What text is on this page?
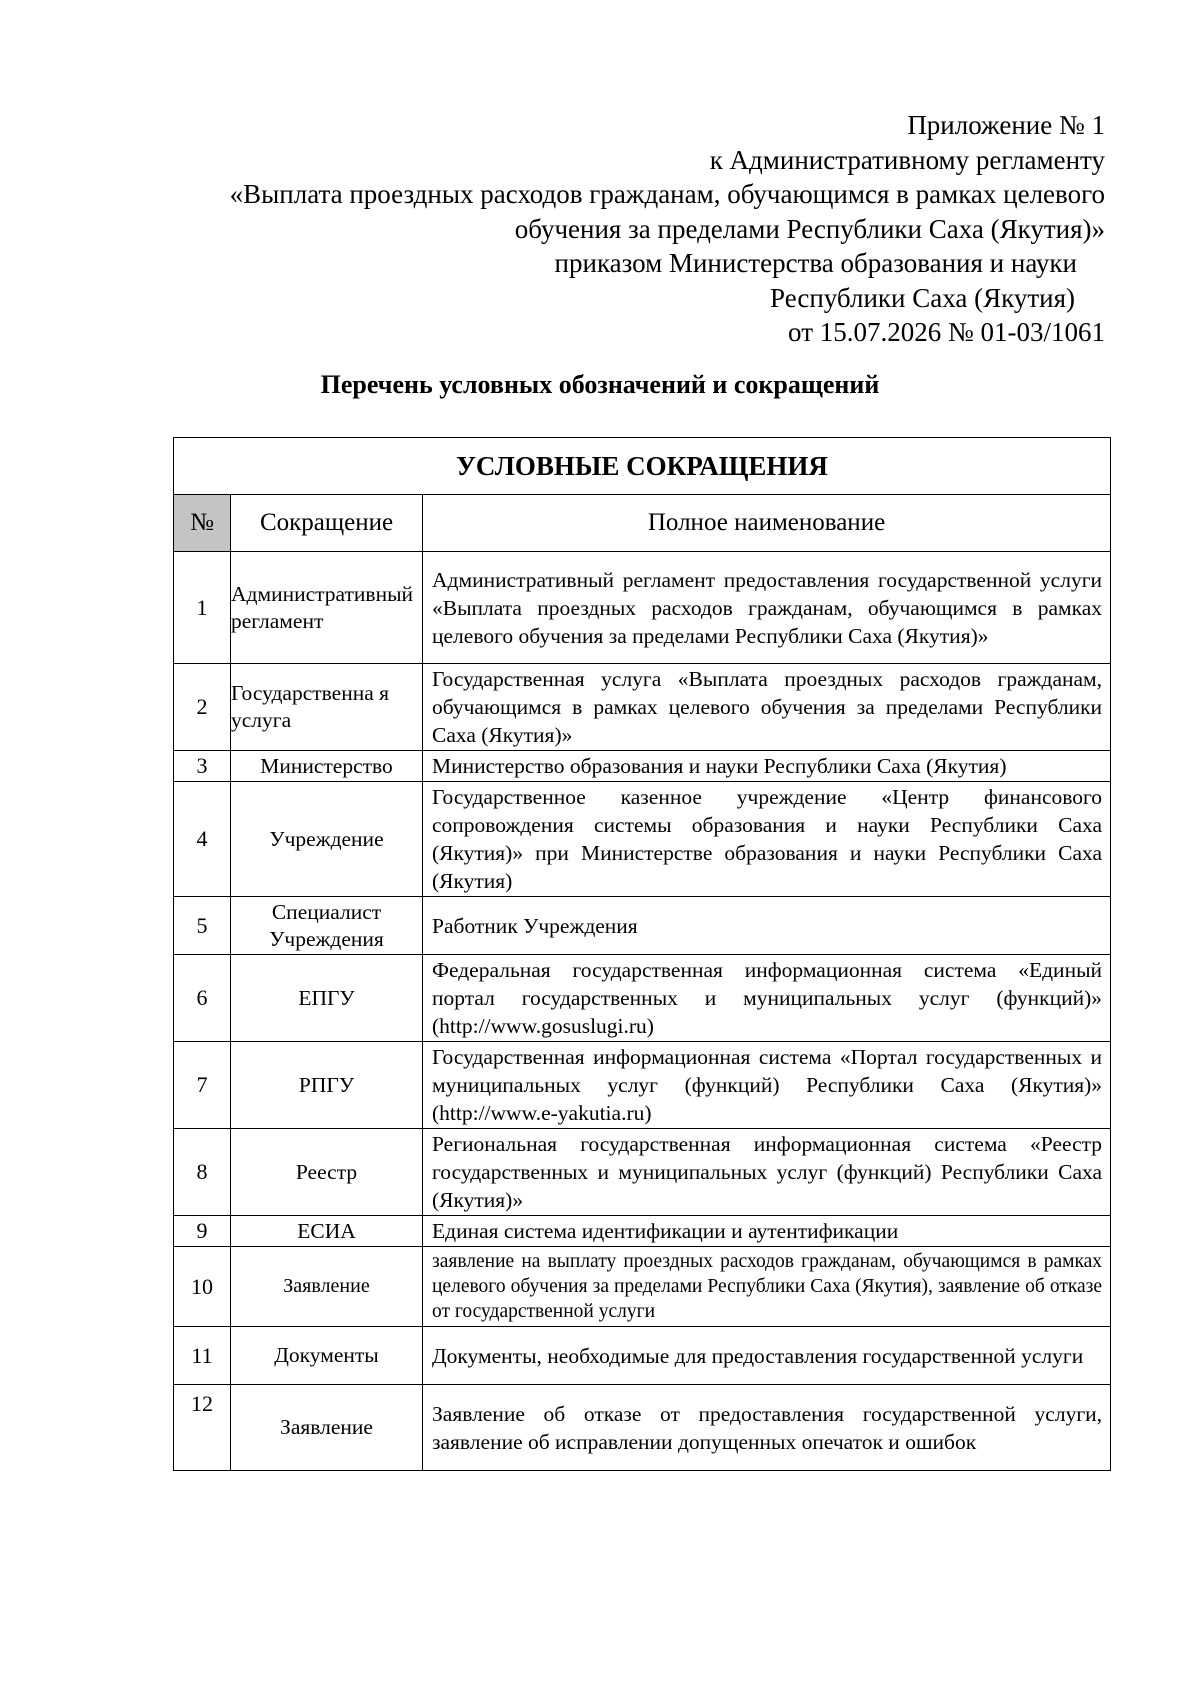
Приложение № 1
к Административному регламенту
«Выплата проездных расходов гражданам, обучающимся в рамках целевого
обучения за пределами Республики Саха (Якутия)»
приказом Министерства образования и науки
Республики Саха (Якутия)
от 15.07.2026 № 01-03/1061
Перечень условных обозначений и сокращений
УСЛОВНЫЕ СОКРАЩЕНИЯ		
№	Сокращение	Полное наименование
1	Административный регламент	Административный регламент предоставления государственной услуги «Выплата проездных расходов гражданам, обучающимся в рамках целевого обучения за пределами Республики Саха (Якутия)»
2	Государственна я услуга	Государственная услуга «Выплата проездных расходов гражданам, обучающимся в рамках целевого обучения за пределами Республики Саха (Якутия)»
3	Министерство	Министерство образования и науки Республики Саха (Якутия)
4	Учреждение	Государственное казенное учреждение «Центр финансового сопровождения системы образования и науки Республики Саха (Якутия)» при Министерстве образования и науки Республики Саха (Якутия)
5	Специалист Учреждения	Работник Учреждения
6	ЕПГУ	Федеральная государственная информационная система «Единый портал государственных и муниципальных услуг (функций)» (http://www.gosuslugi.ru)
7	РПГУ	Государственная информационная система «Портал государственных и муниципальных услуг (функций) Республики Саха (Якутия)» (http://www.e-yakutia.ru)
8	Реестр	Региональная государственная информационная система «Реестр государственных и муниципальных услуг (функций) Республики Саха (Якутия)»
9	ЕСИА	Единая система идентификации и аутентификации
10	Заявление	заявление на выплату проездных расходов гражданам, обучающимся в рамках целевого обучения за пределами Республики Саха (Якутия), заявление об отказе от государственной услуги
11	Документы	Документы, необходимые для предоставления государственной услуги
12	Заявление	Заявление об отказе от предоставления государственной услуги, заявление об исправлении допущенных опечаток и ошибок
